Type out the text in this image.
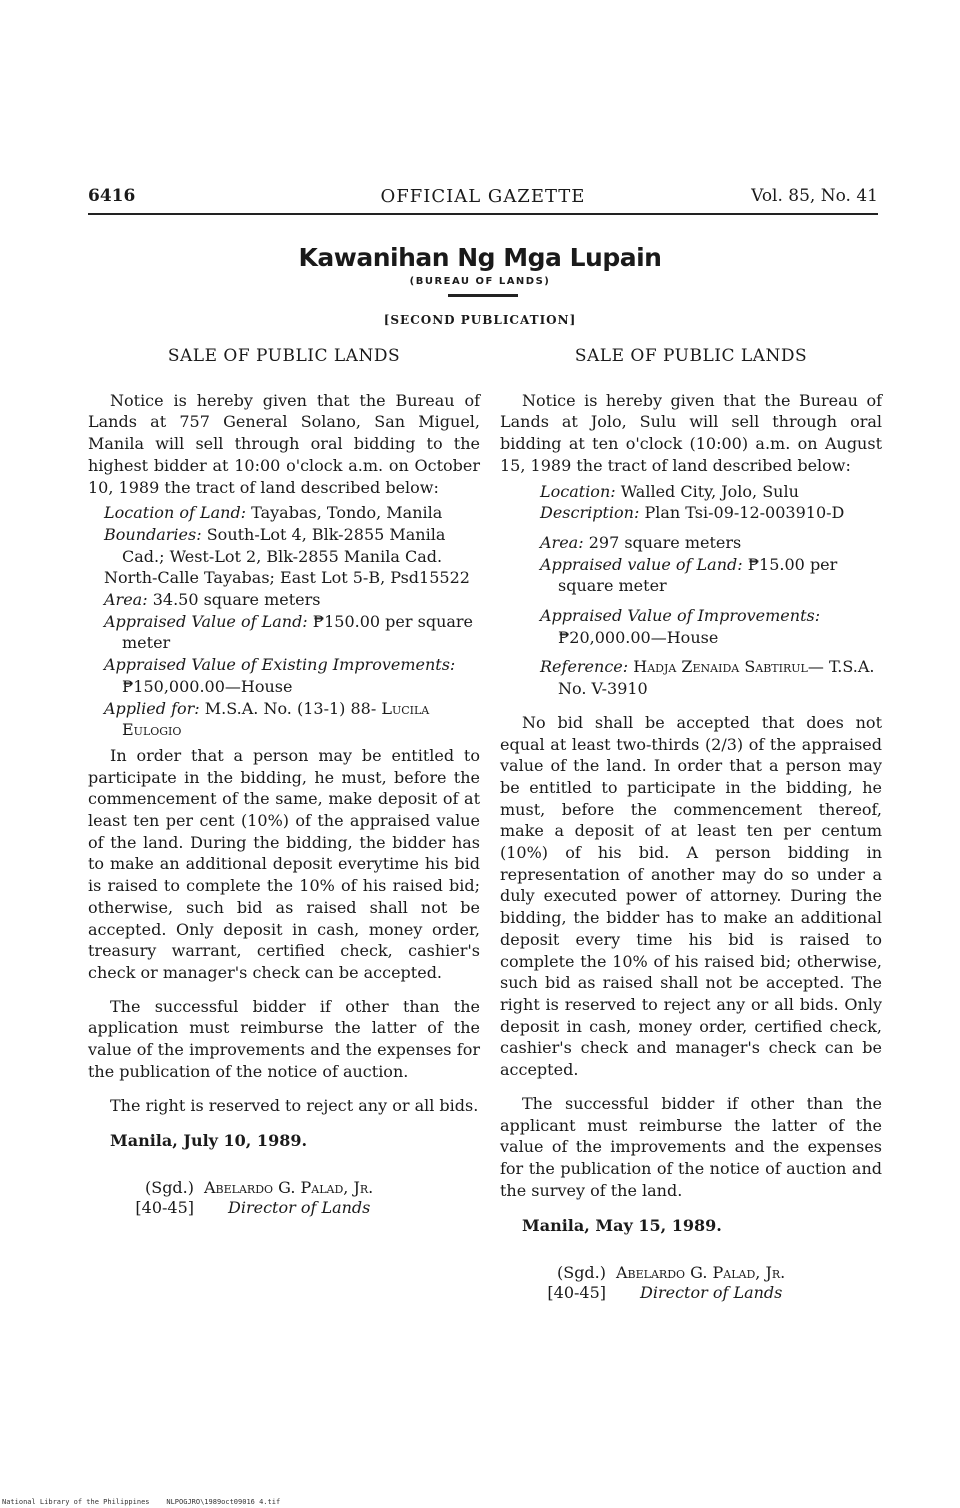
6416	OFFICIAL GAZETTE	Vol. 85, No. 41
Kawanihan Ng Mga Lupain
(BUREAU OF LANDS)
[SECOND PUBLICATION]
SALE OF PUBLIC LANDS

Notice is hereby given that the Bureau of Lands at 757 General Solano, San Miguel, Manila will sell through oral bidding to the highest bidder at 10:00 o'clock a.m. on October 10, 1989 the tract of land described below:

Location of Land: Tayabas, Tondo, Manila
Boundaries: South-Lot 4, Blk-2855 Manila Cad.; West-Lot 2, Blk-2855 Manila Cad.
North-Calle Tayabas; East Lot 5-B, Psd15522
Area: 34.50 square meters
Appraised Value of Land: ₱150.00 per square meter
Appraised Value of Existing Improvements: ₱150,000.00—House
Applied for: M.S.A. No. (13-1) 88- Lucila Eulogio

In order that a person may be entitled to participate in the bidding, he must, before the commencement of the same, make deposit of at least ten per cent (10%) of the appraised value of the land. During the bidding, the bidder has to make an additional deposit everytime his bid is raised to complete the 10% of his raised bid; otherwise, such bid as raised shall not be accepted. Only deposit in cash, money order, treasury warrant, certified check, cashier's check or manager's check can be accepted.

The successful bidder if other than the application must reimburse the latter of the value of the improvements and the expenses for the publication of the notice of auction.

The right is reserved to reject any or all bids.

Manila, July 10, 1989.

(Sgd.) Abelardo G. Palad, Jr.
[40-45]	Director of Lands
SALE OF PUBLIC LANDS

Notice is hereby given that the Bureau of Lands at Jolo, Sulu will sell through oral bidding at ten o'clock (10:00) a.m. on August 15, 1989 the tract of land described below:

Location: Walled City, Jolo, Sulu
Description: Plan Tsi-09-12-003910-D
Area: 297 square meters
Appraised value of Land: ₱15.00 per square meter
Appraised Value of Improvements: ₱20,000.00—House
Reference: Hadja Zenaida Sabtirul— T.S.A. No. V-3910

No bid shall be accepted that does not equal at least two-thirds (2/3) of the appraised value of the land. In order that a person may be entitled to participate in the bidding, he must, before the commencement thereof, make a deposit of at least ten per centum (10%) of his bid. A person bidding in representation of another may do so under a duly executed power of attorney. During the bidding, the bidder has to make an additional deposit every time his bid is raised to complete the 10% of his raised bid; otherwise, such bid as raised shall not be accepted. The right is reserved to reject any or all bids. Only deposit in cash, money order, certified check, cashier's check and manager's check can be accepted.

The successful bidder if other than the applicant must reimburse the latter of the value of the improvements and the expenses for the publication of the notice of auction and the survey of the land.

Manila, May 15, 1989.

(Sgd.) Abelardo G. Palad, Jr.
[40-45]	Director of Lands
National Library of the Philippines NLPOGJRO\1989oct09016 4.tif
